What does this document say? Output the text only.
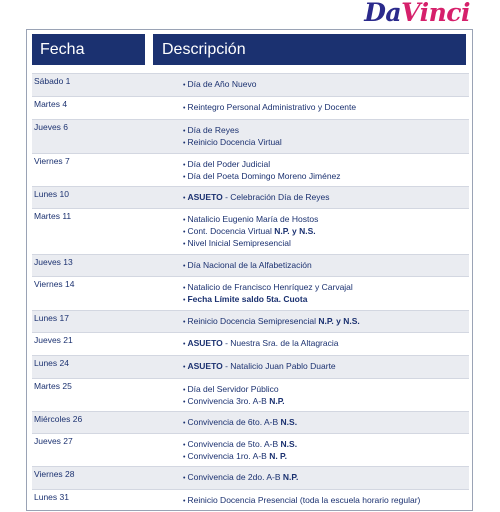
DaVinci
Fecha	Descripción
Sábado 1	• Día de Año Nuevo
Martes 4	• Reintegro Personal Administrativo y Docente
Jueves 6	• Día de Reyes
• Reinicio Docencia Virtual
Viernes 7	• Día del Poder Judicial
• Día del Poeta Domingo Moreno Jiménez
Lunes 10	• ASUETO - Celebración Día de Reyes
Martes 11	• Natalicio Eugenio María de Hostos
• Cont. Docencia Virtual N.P. y N.S.
• Nivel Inicial Semipresencial
Jueves 13	• Día Nacional de la Alfabetización
Viernes 14	• Natalicio de Francisco Henríquez y Carvajal
• Fecha Límite saldo 5ta. Cuota
Lunes 17	• Reinicio Docencia Semipresencial N.P. y N.S.
Jueves 21	• ASUETO - Nuestra Sra. de la Altagracia
Lunes 24	• ASUETO - Natalicio Juan Pablo Duarte
Martes 25	• Día del Servidor Público
• Convivencia 3ro. A-B N.P.
Miércoles 26	• Convivencia de 6to. A-B N.S.
Jueves 27	• Convivencia de 5to. A-B N.S.
• Convivencia 1ro. A-B N. P.
Viernes 28	• Convivencia de 2do. A-B N.P.
Lunes 31	• Reinicio Docencia Presencial (toda la escuela horario regular)
